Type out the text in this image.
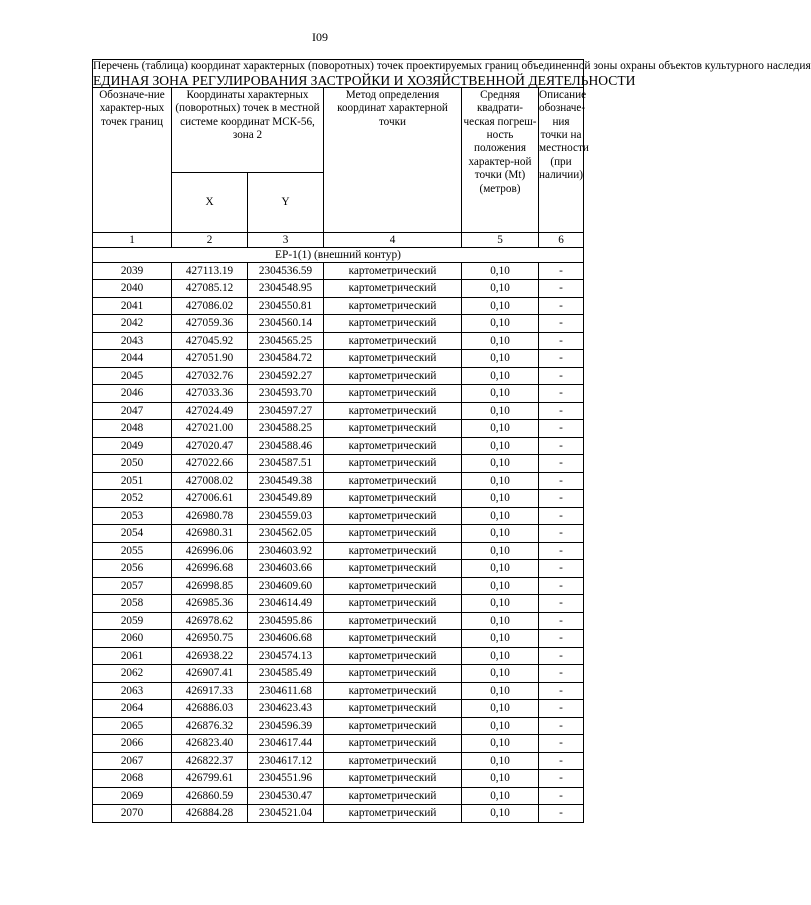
I09
Перечень (таблица) координат характерных (поворотных) точек проектируемых границ объединенной зоны охраны объектов культурного наследия
ЕДИНАЯ ЗОНА РЕГУЛИРОВАНИЯ ЗАСТРОЙКИ И ХОЗЯЙСТВЕННОЙ ДЕЯТЕЛЬНОСТИ					

Обозначе-ние характер-ных точек границ	Координаты характерных (поворотных) точек в местной системе координат МСК-56, зона 2		Метод определения координат характерной точки	Средняя квадрати-ческая погреш-ность положения характер-ной точки (Mt) (метров)	Описание обозначе-ния точки на местности (при наличии)
	X	Y			
1	2	3	4	5	6
ЕР-1(1) (внешний контур)					
2039	427113.19	2304536.59	картометрический	0,10	-
2040	427085.12	2304548.95	картометрический	0,10	-
2041	427086.02	2304550.81	картометрический	0,10	-
2042	427059.36	2304560.14	картометрический	0,10	-
2043	427045.92	2304565.25	картометрический	0,10	-
2044	427051.90	2304584.72	картометрический	0,10	-
2045	427032.76	2304592.27	картометрический	0,10	-
2046	427033.36	2304593.70	картометрический	0,10	-
2047	427024.49	2304597.27	картометрический	0,10	-
2048	427021.00	2304588.25	картометрический	0,10	-
2049	427020.47	2304588.46	картометрический	0,10	-
2050	427022.66	2304587.51	картометрический	0,10	-
2051	427008.02	2304549.38	картометрический	0,10	-
2052	427006.61	2304549.89	картометрический	0,10	-
2053	426980.78	2304559.03	картометрический	0,10	-
2054	426980.31	2304562.05	картометрический	0,10	-
2055	426996.06	2304603.92	картометрический	0,10	-
2056	426996.68	2304603.66	картометрический	0,10	-
2057	426998.85	2304609.60	картометрический	0,10	-
2058	426985.36	2304614.49	картометрический	0,10	-
2059	426978.62	2304595.86	картометрический	0,10	-
2060	426950.75	2304606.68	картометрический	0,10	-
2061	426938.22	2304574.13	картометрический	0,10	-
2062	426907.41	2304585.49	картометрический	0,10	-
2063	426917.33	2304611.68	картометрический	0,10	-
2064	426886.03	2304623.43	картометрический	0,10	-
2065	426876.32	2304596.39	картометрический	0,10	-
2066	426823.40	2304617.44	картометрический	0,10	-
2067	426822.37	2304617.12	картометрический	0,10	-
2068	426799.61	2304551.96	картометрический	0,10	-
2069	426860.59	2304530.47	картометрический	0,10	-
2070	426884.28	2304521.04	картометрический	0,10	-
